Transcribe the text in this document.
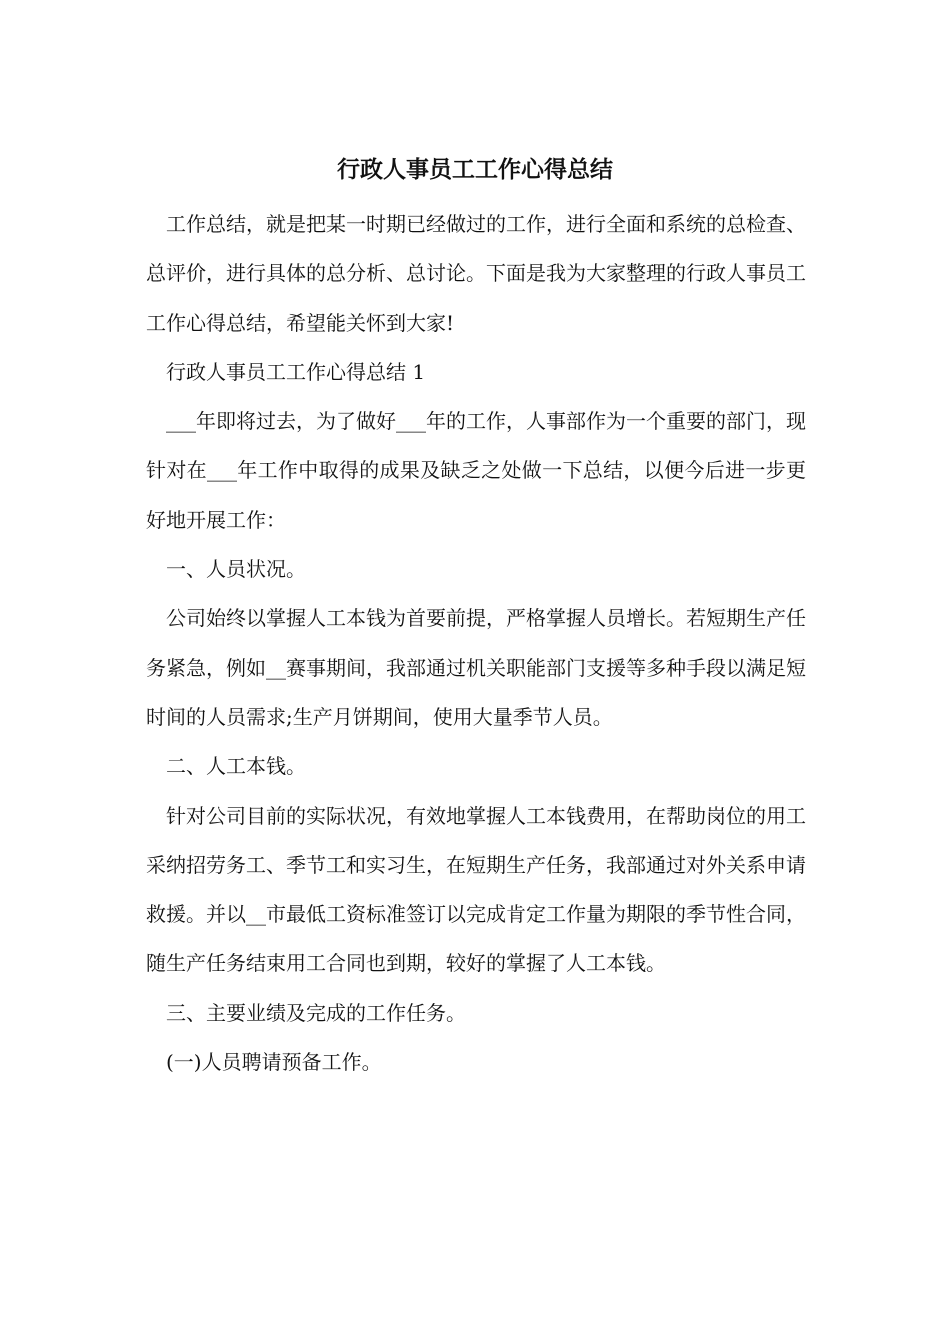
行政人事员工工作心得总结

工作总结，就是把某一时期已经做过的工作，进行全面和系统的总检查、总评价，进行具体的总分析、总讨论。下面是我为大家整理的行政人事员工工作心得总结，希望能关怀到大家!

行政人事员工工作心得总结 1

___年即将过去，为了做好___年的工作，人事部作为一个重要的部门，现针对在___年工作中取得的成果及缺乏之处做一下总结，以便今后进一步更好地开展工作：

一、人员状况。

公司始终以掌握人工本钱为首要前提，严格掌握人员增长。若短期生产任务紧急，例如__赛事期间，我部通过机关职能部门支援等多种手段以满足短时间的人员需求;生产月饼期间，使用大量季节人员。

二、人工本钱。

针对公司目前的实际状况，有效地掌握人工本钱费用，在帮助岗位的用工采纳招劳务工、季节工和实习生，在短期生产任务，我部通过对外关系申请救援。并以__市最低工资标准签订以完成肯定工作量为期限的季节性合同，随生产任务结束用工合同也到期，较好的掌握了人工本钱。

三、主要业绩及完成的工作任务。

(一)人员聘请预备工作。
